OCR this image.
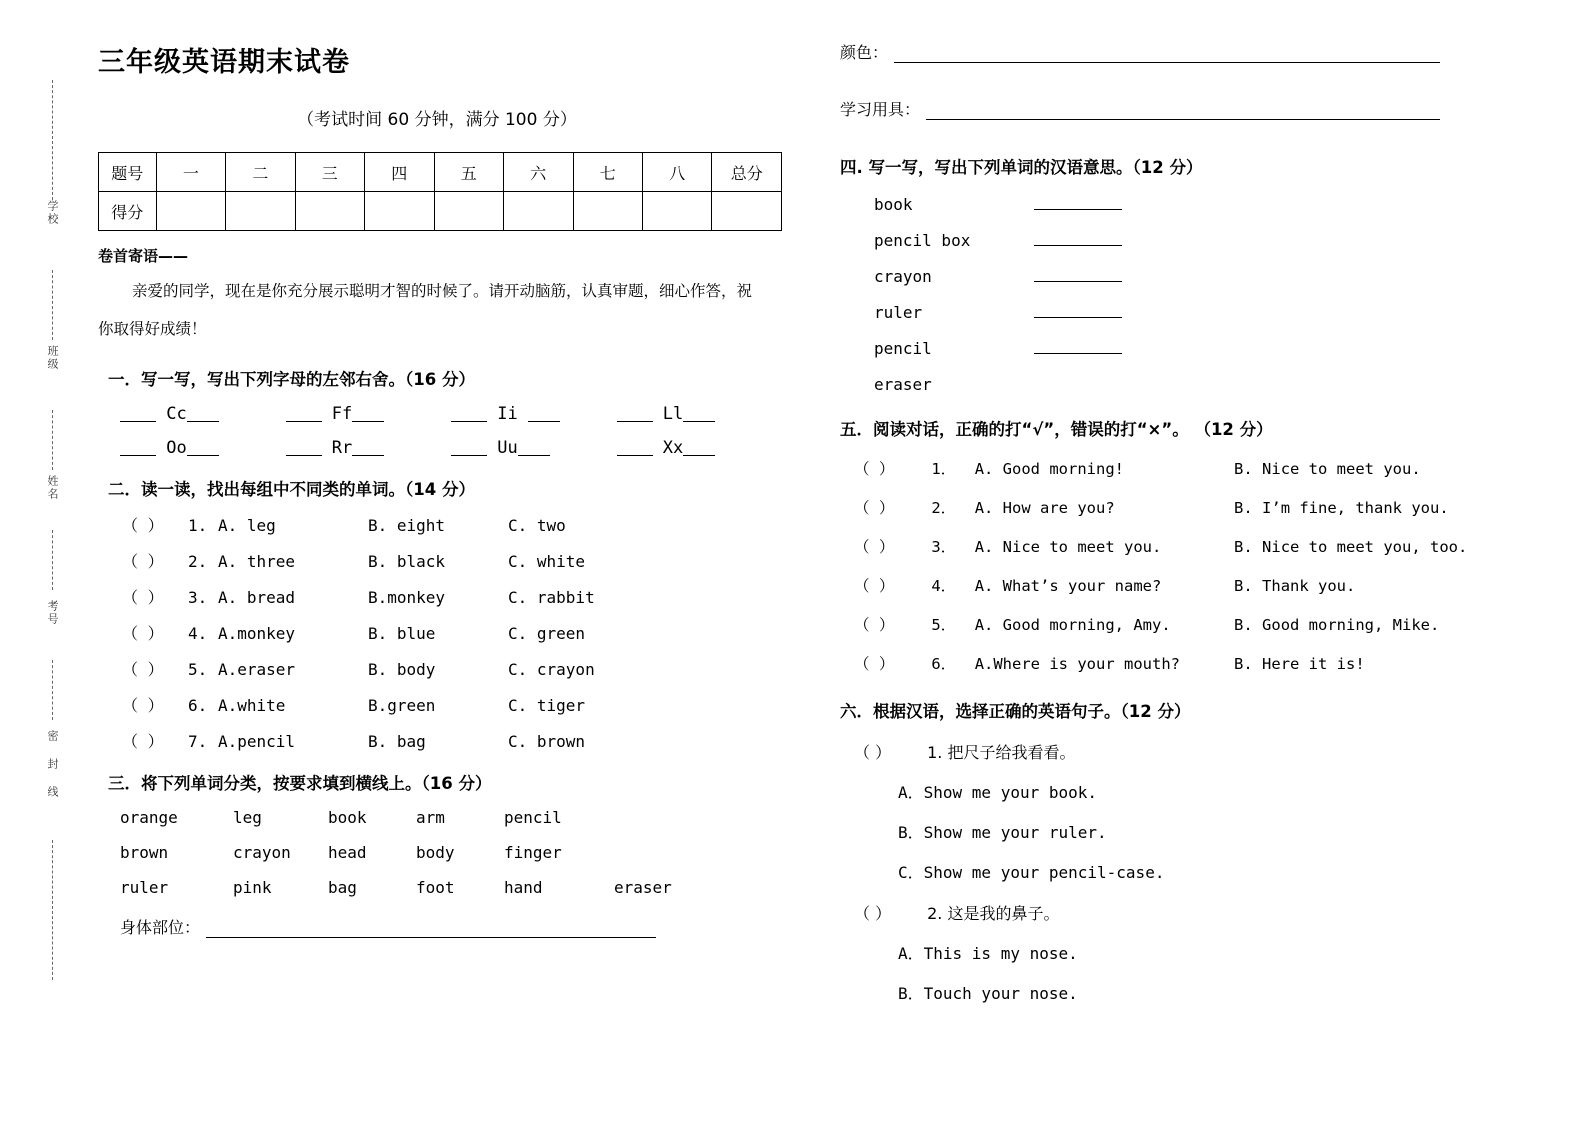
学校
班级
姓名
考号
密 封 线
三年级英语期末试卷
（考试时间 60 分钟，满分 100 分）
题号	一	二	三	四	五	六	七	八	总分
得分									
卷首寄语——
亲爱的同学，现在是你充分展示聪明才智的时候了。请开动脑筋，认真审题，细心作答，祝
你取得好成绩！
一．写一写，写出下列字母的左邻右舍。（16 分）
Cc	Ff	Ii	Ll
Oo	Rr	Uu	Xx
二．读一读，找出每组中不同类的单词。（14 分）
（ ）	1. A. leg	B. eight	C. two
（ ）	2. A. three	B. black	C. white
（ ）	3. A. bread	B.monkey	C. rabbit
（ ）	4. A.monkey	B. blue	C. green
（ ）	5. A.eraser	B. body	C. crayon
（ ）	6. A.white	B.green	C. tiger
（ ）	7. A.pencil	B. bag	C. brown
三．将下列单词分类，按要求填到横线上。（16 分）
orange	leg	book	arm	pencil
brown	crayon	head	body	finger
ruler	pink	bag	foot	hand	eraser
身体部位：
颜色：
学习用具：
四. 写一写，写出下列单词的汉语意思。（12 分）
book
pencil box
crayon
ruler
pencil
eraser
五．阅读对话，正确的打“√”，错误的打“×”。 （12 分）
（ ） 1． A. Good morning!	B. Nice to meet you.
（ ） 2． A. How are you?	B. I’m fine, thank you.
（ ） 3． A. Nice to meet you.	B. Nice to meet you, too.
（ ） 4． A. What’s your name?	B. Thank you.
（ ） 5． A. Good morning, Amy.	B. Good morning, Mike.
（ ） 6． A.Where is your mouth?	B. Here it is!
六．根据汉语，选择正确的英语句子。（12 分）
（ ） 1. 把尺子给我看看。
A．Show me your book.
B．Show me your ruler.
C．Show me your pencil-case.
（ ） 2. 这是我的鼻子。
A．This is my nose.
B．Touch your nose.
